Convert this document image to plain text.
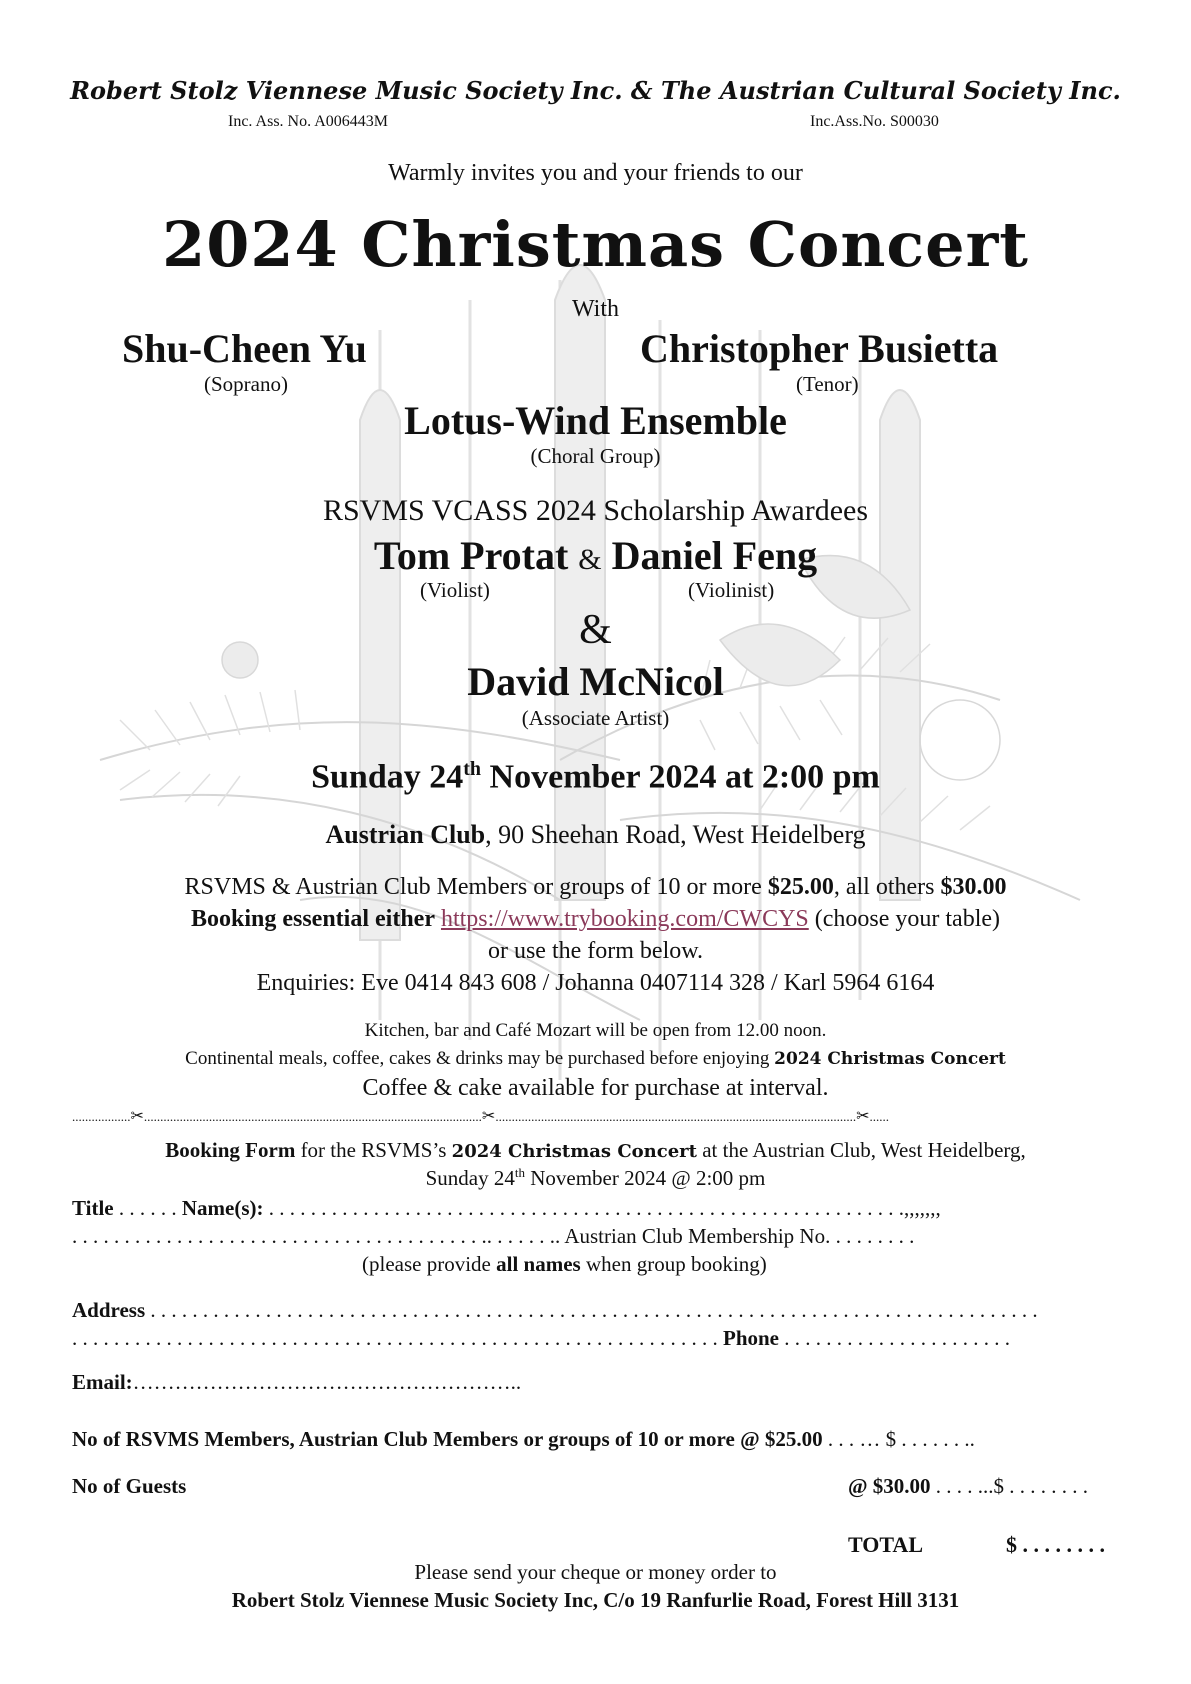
Robert Stolz Viennese Music Society Inc. & The Austrian Cultural Society Inc.
Inc. Ass. No. A006443M	Inc.Ass.No. S00030
Warmly invites you and your friends to our
2024 Christmas Concert
With
Shu-Cheen Yu
(Soprano)
Christopher Busietta
(Tenor)
Lotus-Wind Ensemble
(Choral Group)
RSVMS VCASS 2024 Scholarship Awardees
Tom Protat & Daniel Feng
(Violist)	(Violinist)
&
David McNicol
(Associate Artist)
Sunday 24th November 2024 at 2:00 pm
Austrian Club, 90 Sheehan Road, West Heidelberg
RSVMS & Austrian Club Members or groups of 10 or more $25.00, all others $30.00
Booking essential either https://www.trybooking.com/CWCYS (choose your table)
or use the form below.
Enquiries: Eve 0414 843 608 / Johanna 0407114 328 / Karl 5964 6164
Kitchen, bar and Café Mozart will be open from 12.00 noon.
Continental meals, coffee, cakes & drinks may be purchased before enjoying 2024 Christmas Concert
Coffee & cake available for purchase at interval.
..................✂........................................................................................................✂...............................................................................................................✂......
Booking Form for the RSVMS’s 2024 Christmas Concert at the Austrian Club, West Heidelberg,
Sunday 24th November 2024 @ 2:00 pm
Title . . . . . . Name(s): . . . . . . . . . . . . . . . . . . . . . . . . . . . . . . . . . . . . . . . . . . . . . . . . . . . . . . . . . . . . .,,,,,,,
. . . . . . . . . . . . . . . . . . . . . . . . . . . . . . . . . . . . . . . .. . . . . . .. Austrian Club Membership No. . . . . . . . .
(please provide all names when group booking)
Address . . . . . . . . . . . . . . . . . . . . . . . . . . . . . . . . . . . . . . . . . . . . . . . . . . . . . . . . . . . . . . . . . . . . . . . . . . . . . . . . . . . . .
. . . . . . . . . . . . . . . . . . . . . . . . . . . . . . . . . . . . . . . . . . . . . . . . . . . . . . . . . . . . . . Phone . . . . . . . . . . . . . . . . . . . . . .
Email:………………………………………………..
No of RSVMS Members, Austrian Club Members or groups of 10 or more @ $25.00 . . . … $ . . . . . . ..
No of Guests	@ $30.00 . . . . ...$ . . . . . . . .
TOTAL	$ . . . . . . . .
Please send your cheque or money order to
Robert Stolz Viennese Music Society Inc, C/o 19 Ranfurlie Road, Forest Hill 3131
